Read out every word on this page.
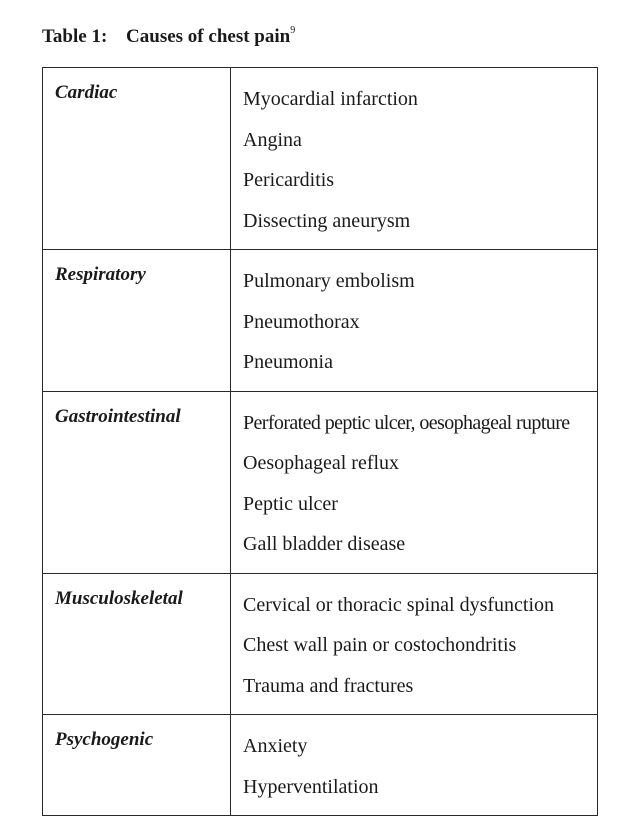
Table 1: Causes of chest pain$^9$
Cardiac	Myocardial infarction
Angina
Pericarditis
Dissecting aneurysm

Respiratory	Pulmonary embolism
Pneumothorax
Pneumonia

Gastrointestinal	Perforated peptic ulcer, oesophageal rupture
Oesophageal reflux
Peptic ulcer
Gall bladder disease

Musculoskeletal	Cervical or thoracic spinal dysfunction
Chest wall pain or costochondritis
Trauma and fractures

Psychogenic	Anxiety
Hyperventilation
